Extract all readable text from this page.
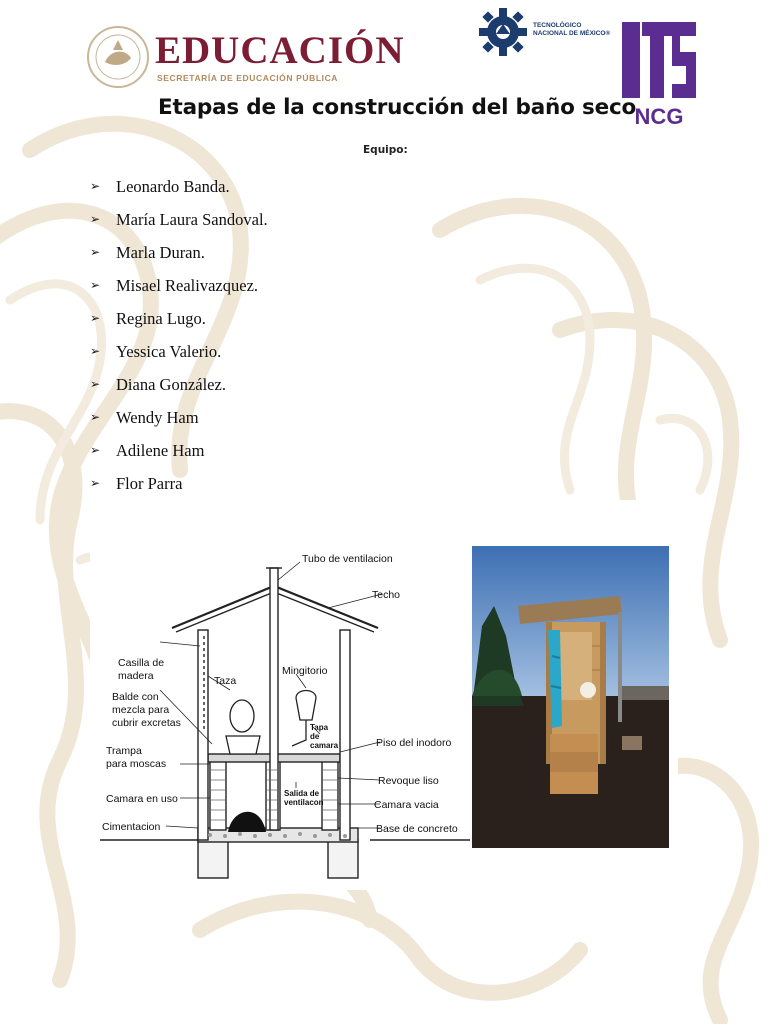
EDUCACIÓN

SECRETARÍA DE EDUCACIÓN PÚBLICA

TECNOLÓGICO
NACIONAL DE MÉXICO®

NCG
Etapas de la construcción del baño seco

Equipo:

➢ Leonardo Banda.
➢ María Laura Sandoval.
➢ Marla Duran.
➢ Misael Realivazquez.
➢ Regina Lugo.
➢ Yessica Valerio.
➢ Diana González.
➢ Wendy Ham
➢ Adilene Ham
➢ Flor Parra
Tubo de ventilacion
Techo
Casilla de
madera	Taza
Mingitorio
Balde con
mezcla para
cubrir excretas	Tapa
de
camara	Piso del inodoro
Trampa
para moscas
Revoque liso
Salida de
ventilacon
Camara en uso	Camara vacia
Cimentacion	Base de concreto
